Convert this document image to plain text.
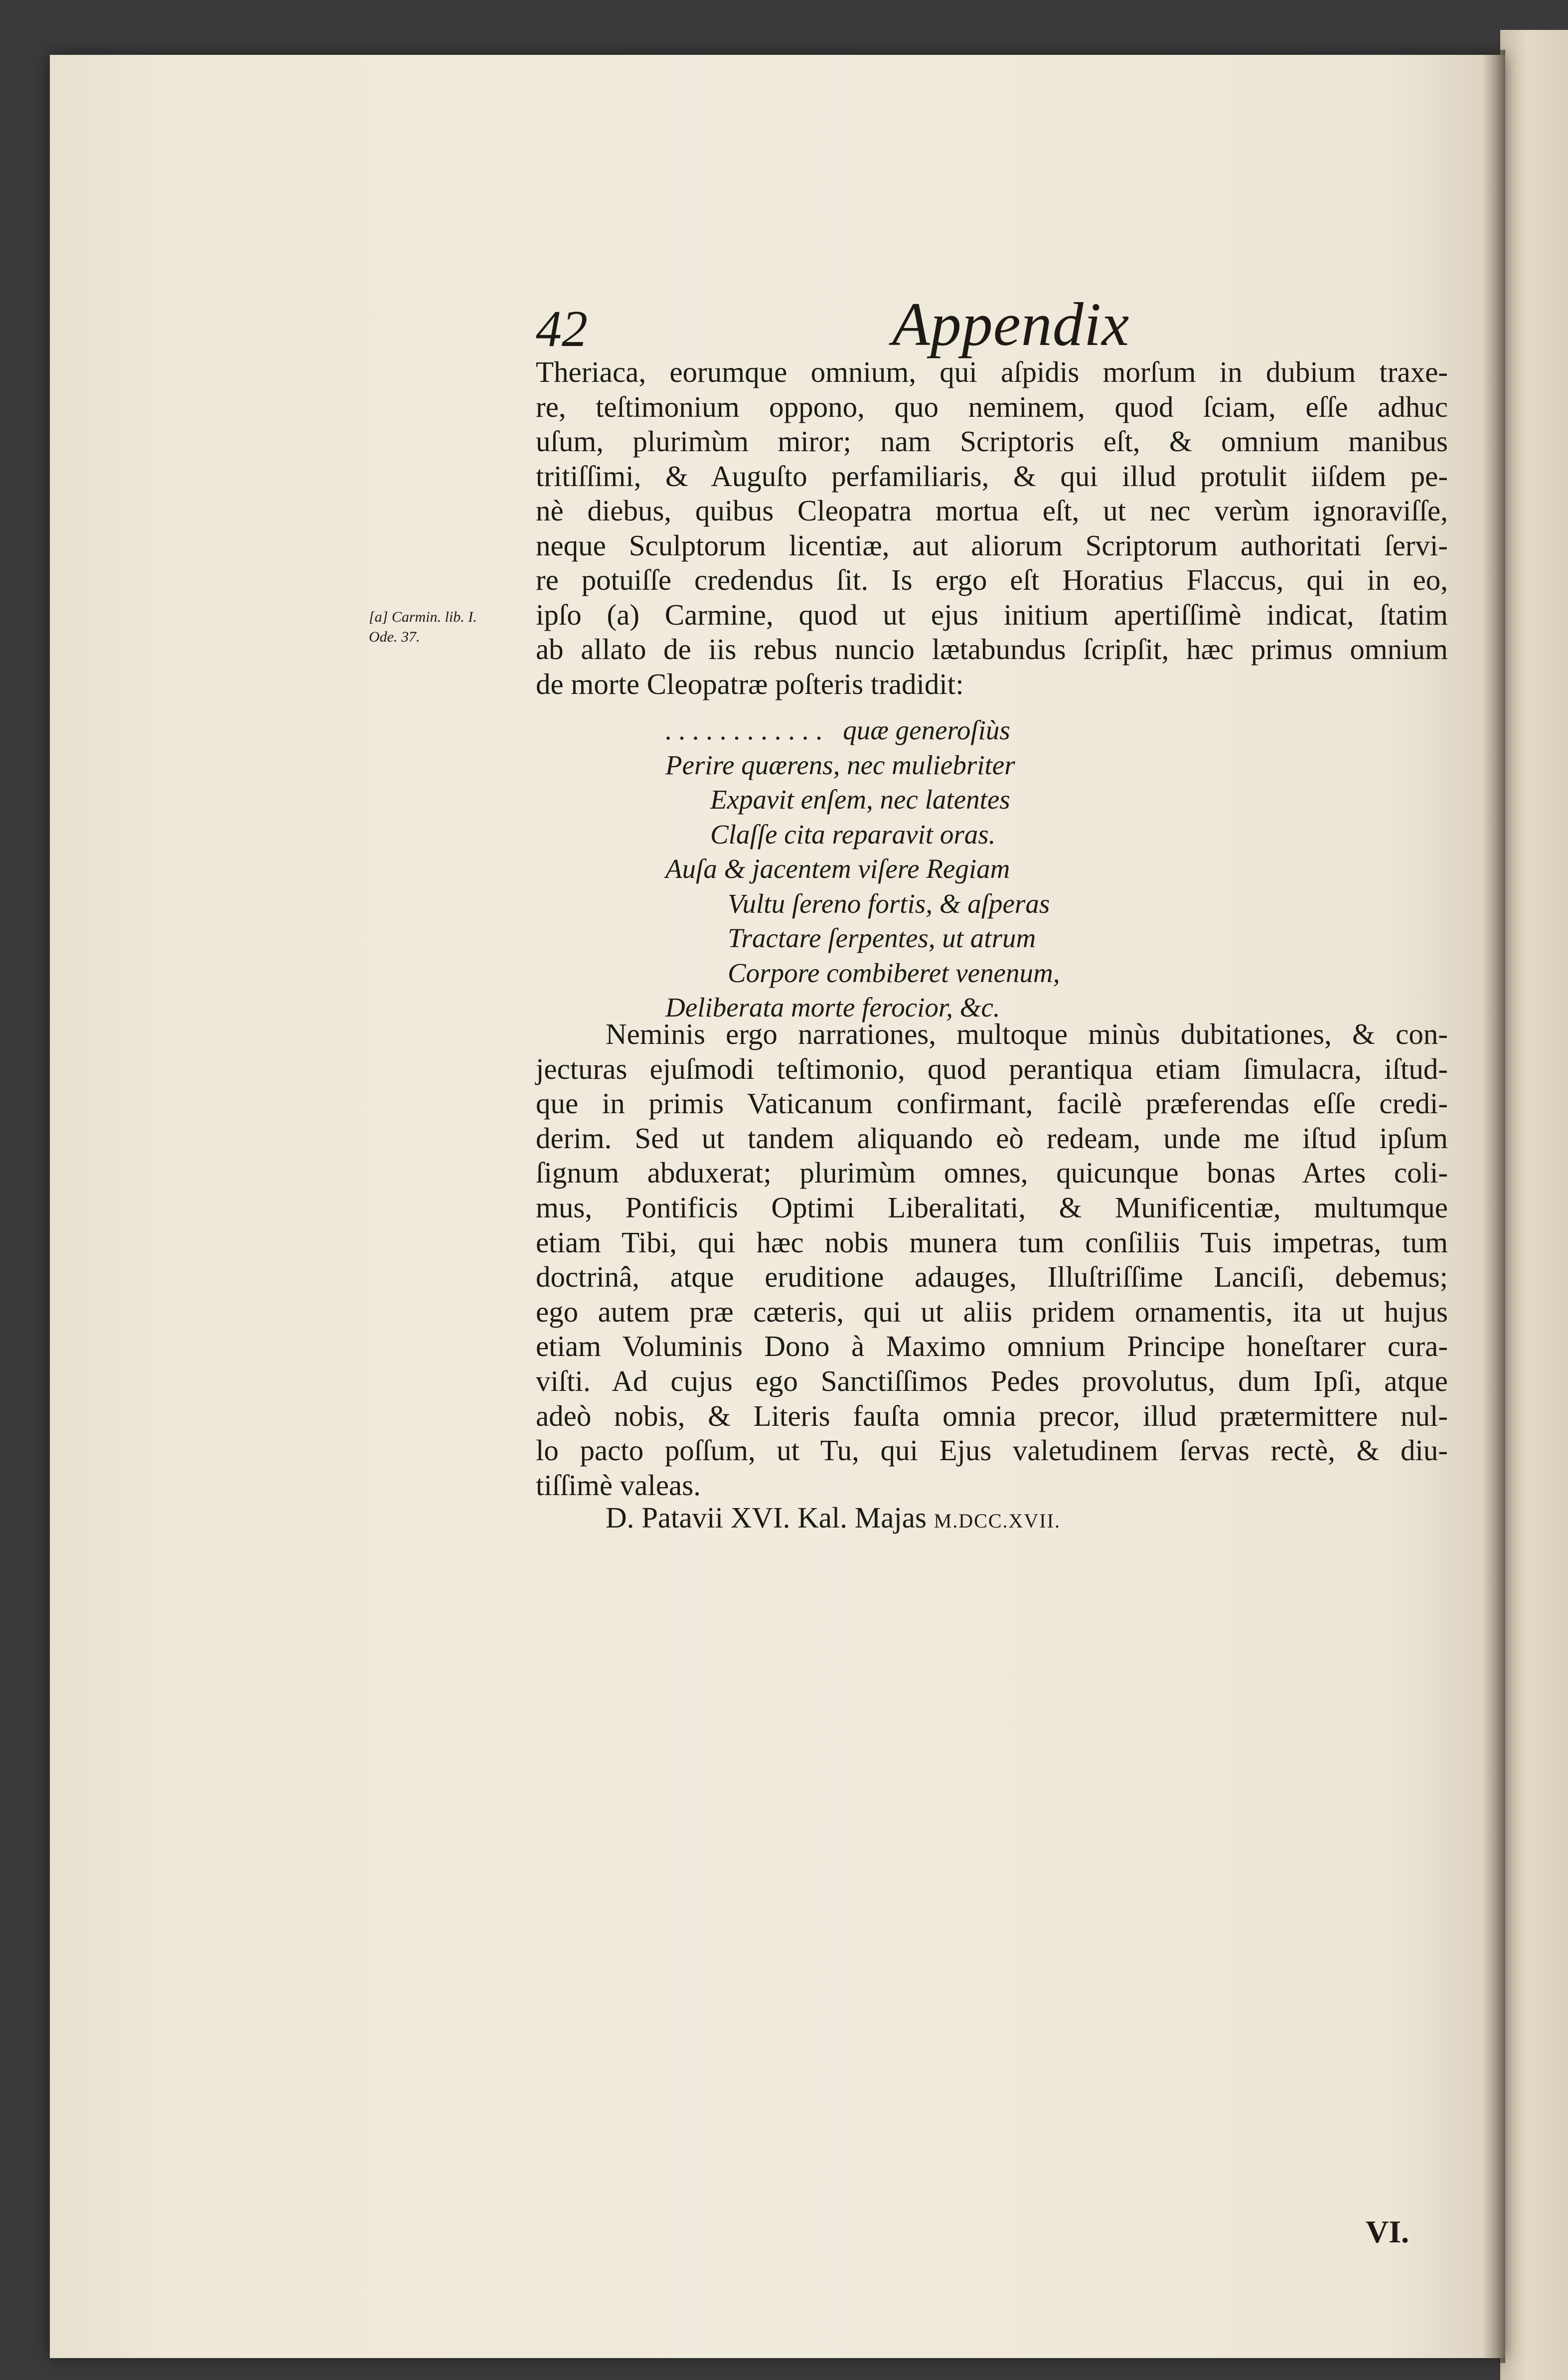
42	Appendix
[a] Carmin. lib. I.
Ode. 37.
Theriaca, eorumque omnium, qui aſpidis morſum in dubium traxe-
re, teſtimonium oppono, quo neminem, quod ſciam, eſſe adhuc
uſum, plurimùm miror; nam Scriptoris eſt, & omnium manibus
tritiſſimi, & Auguſto perfamiliaris, & qui illud protulit iiſdem pe-
nè diebus, quibus Cleopatra mortua eſt, ut nec verùm ignoraviſſe,
neque Sculptorum licentiæ, aut aliorum Scriptorum authoritati ſervi-
re potuiſſe credendus ſit. Is ergo eſt Horatius Flaccus, qui in eo,
ipſo (a) Carmine, quod ut ejus initium apertiſſimè indicat, ſtatim
ab allato de iis rebus nuncio lætabundus ſcripſit, hæc primus omnium
de morte Cleopatræ poſteris tradidit:
. . . . . . . . . . . . quæ generoſiùs
Perire quærens, nec muliebriter
Expavit enſem, nec latentes
Claſſe cita reparavit oras.
Auſa & jacentem viſere Regiam
Vultu ſereno fortis, & aſperas
Tractare ſerpentes, ut atrum
Corpore combiberet venenum,
Deliberata morte ferocior, &c.
Neminis ergo narrationes, multoque minùs dubitationes, & con-
jecturas ejuſmodi teſtimonio, quod perantiqua etiam ſimulacra, iſtud-
que in primis Vaticanum confirmant, facilè præferendas eſſe credi-
derim. Sed ut tandem aliquando eò redeam, unde me iſtud ipſum
ſignum abduxerat; plurimùm omnes, quicunque bonas Artes coli-
mus, Pontificis Optimi Liberalitati, & Munificentiæ, multumque
etiam Tibi, qui hæc nobis munera tum conſiliis Tuis impetras, tum
doctrinâ, atque eruditione adauges, Illuſtriſſime Lanciſi, debemus;
ego autem præ cæteris, qui ut aliis pridem ornamentis, ita ut hujus
etiam Voluminis Dono à Maximo omnium Principe honeſtarer cura-
viſti. Ad cujus ego Sanctiſſimos Pedes provolutus, dum Ipſi, atque
adeò nobis, & Literis fauſta omnia precor, illud prætermittere nul-
lo pacto poſſum, ut Tu, qui Ejus valetudinem ſervas rectè, & diu-
tiſſimè valeas.
D. Patavii XVI. Kal. Majas M.DCC.XVII.
VI.
